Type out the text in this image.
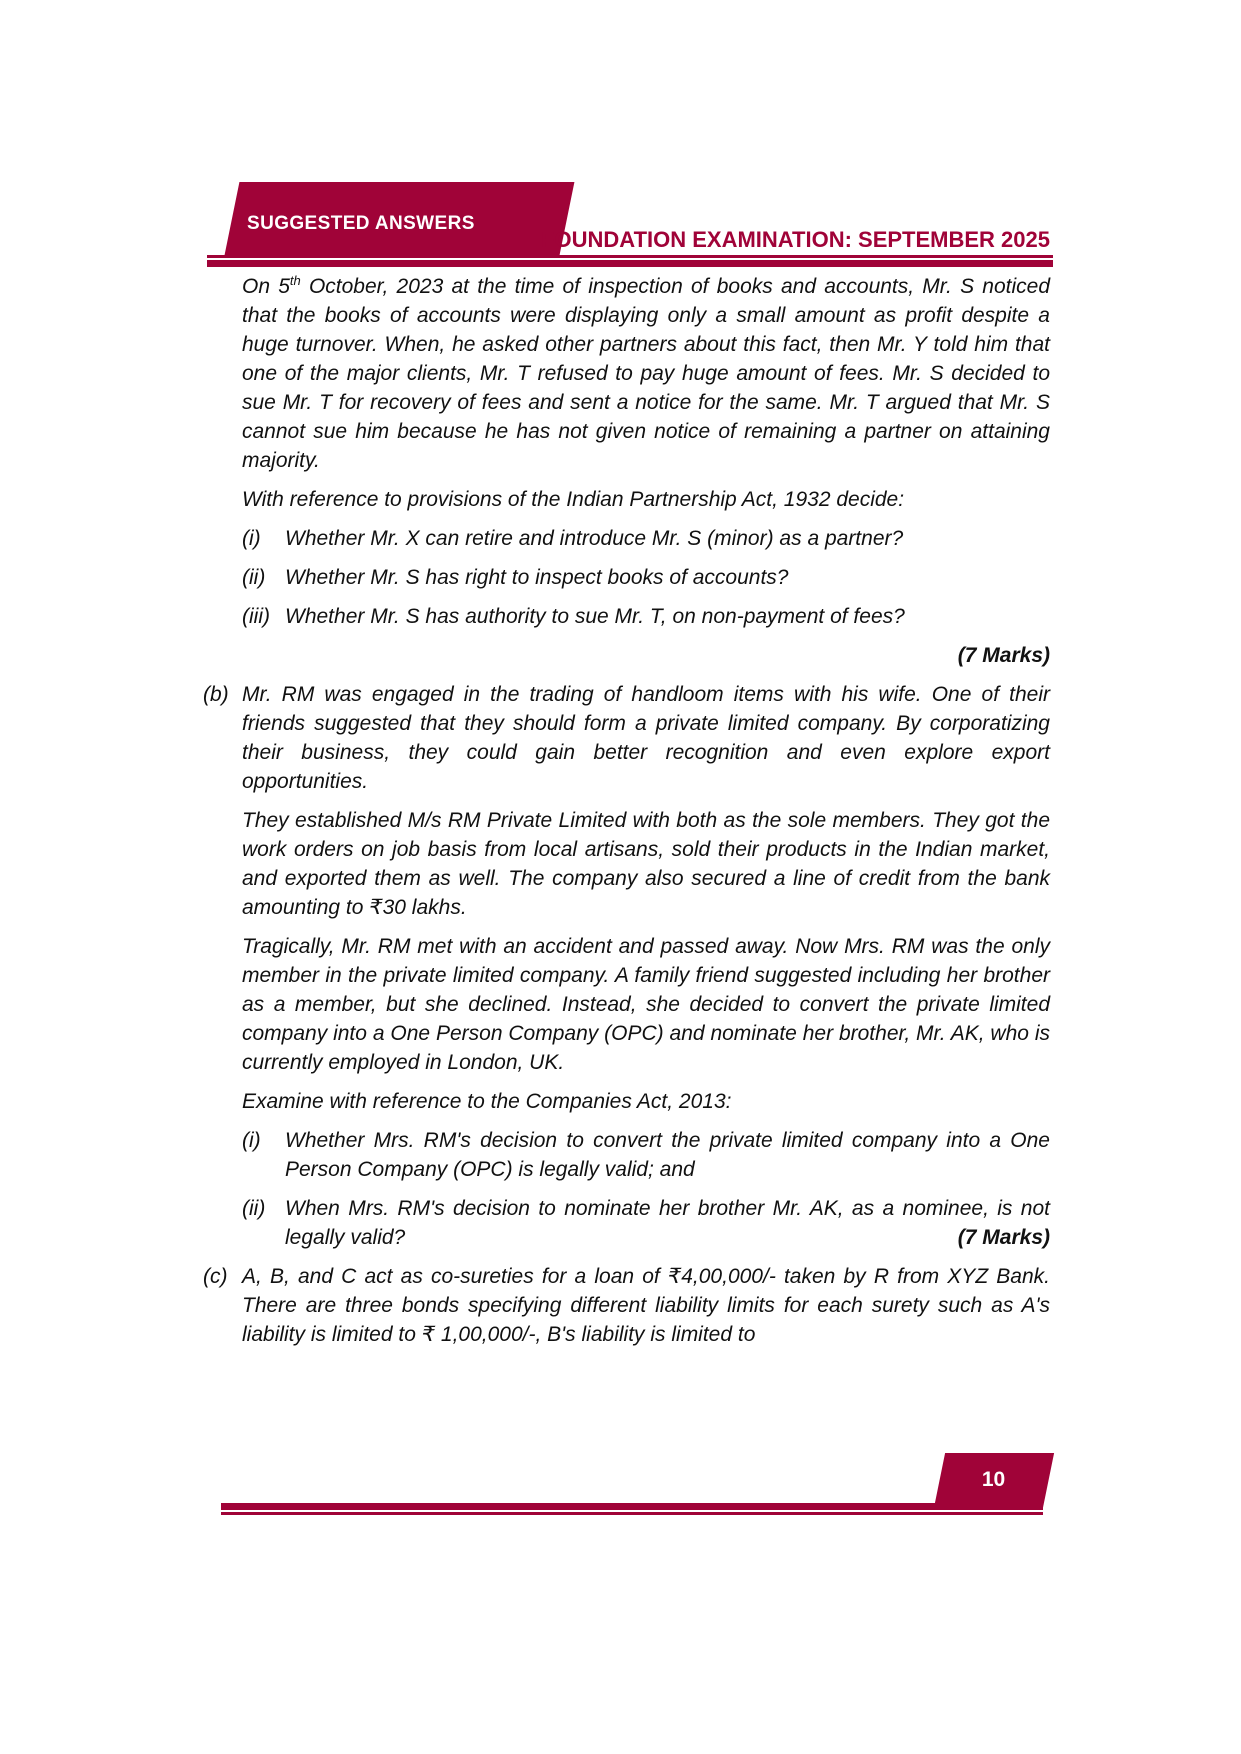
SUGGESTED ANSWERS
FOUNDATION EXAMINATION: SEPTEMBER 2025

On 5th October, 2023 at the time of inspection of books and accounts, Mr. S noticed that the books of accounts were displaying only a small amount as profit despite a huge turnover. When, he asked other partners about this fact, then Mr. Y told him that one of the major clients, Mr. T refused to pay huge amount of fees. Mr. S decided to sue Mr. T for recovery of fees and sent a notice for the same. Mr. T argued that Mr. S cannot sue him because he has not given notice of remaining a partner on attaining majority.

With reference to provisions of the Indian Partnership Act, 1932 decide:

(i)	Whether Mr. X can retire and introduce Mr. S (minor) as a partner?
(ii) Whether Mr. S has right to inspect books of accounts?
(iii) Whether Mr. S has authority to sue Mr. T, on non-payment of fees?

(7 Marks)

(b) Mr. RM was engaged in the trading of handloom items with his wife. One of their friends suggested that they should form a private limited company. By corporatizing their business, they could gain better recognition and even explore export opportunities.

They established M/s RM Private Limited with both as the sole members. They got the work orders on job basis from local artisans, sold their products in the Indian market, and exported them as well. The company also secured a line of credit from the bank amounting to ₹30 lakhs.

Tragically, Mr. RM met with an accident and passed away. Now Mrs. RM was the only member in the private limited company. A family friend suggested including her brother as a member, but she declined. Instead, she decided to convert the private limited company into a One Person Company (OPC) and nominate her brother, Mr. AK, who is currently employed in London, UK.

Examine with reference to the Companies Act, 2013:

(i)	Whether Mrs. RM's decision to convert the private limited company into a One Person Company (OPC) is legally valid; and
(ii) When Mrs. RM's decision to nominate her brother Mr. AK, as a nominee, is not legally valid?	(7 Marks)
(c) A, B, and C act as co-sureties for a loan of ₹4,00,000/- taken by R from XYZ Bank. There are three bonds specifying different liability limits for each surety such as A's liability is limited to ₹ 1,00,000/-, B's liability is limited to

10
